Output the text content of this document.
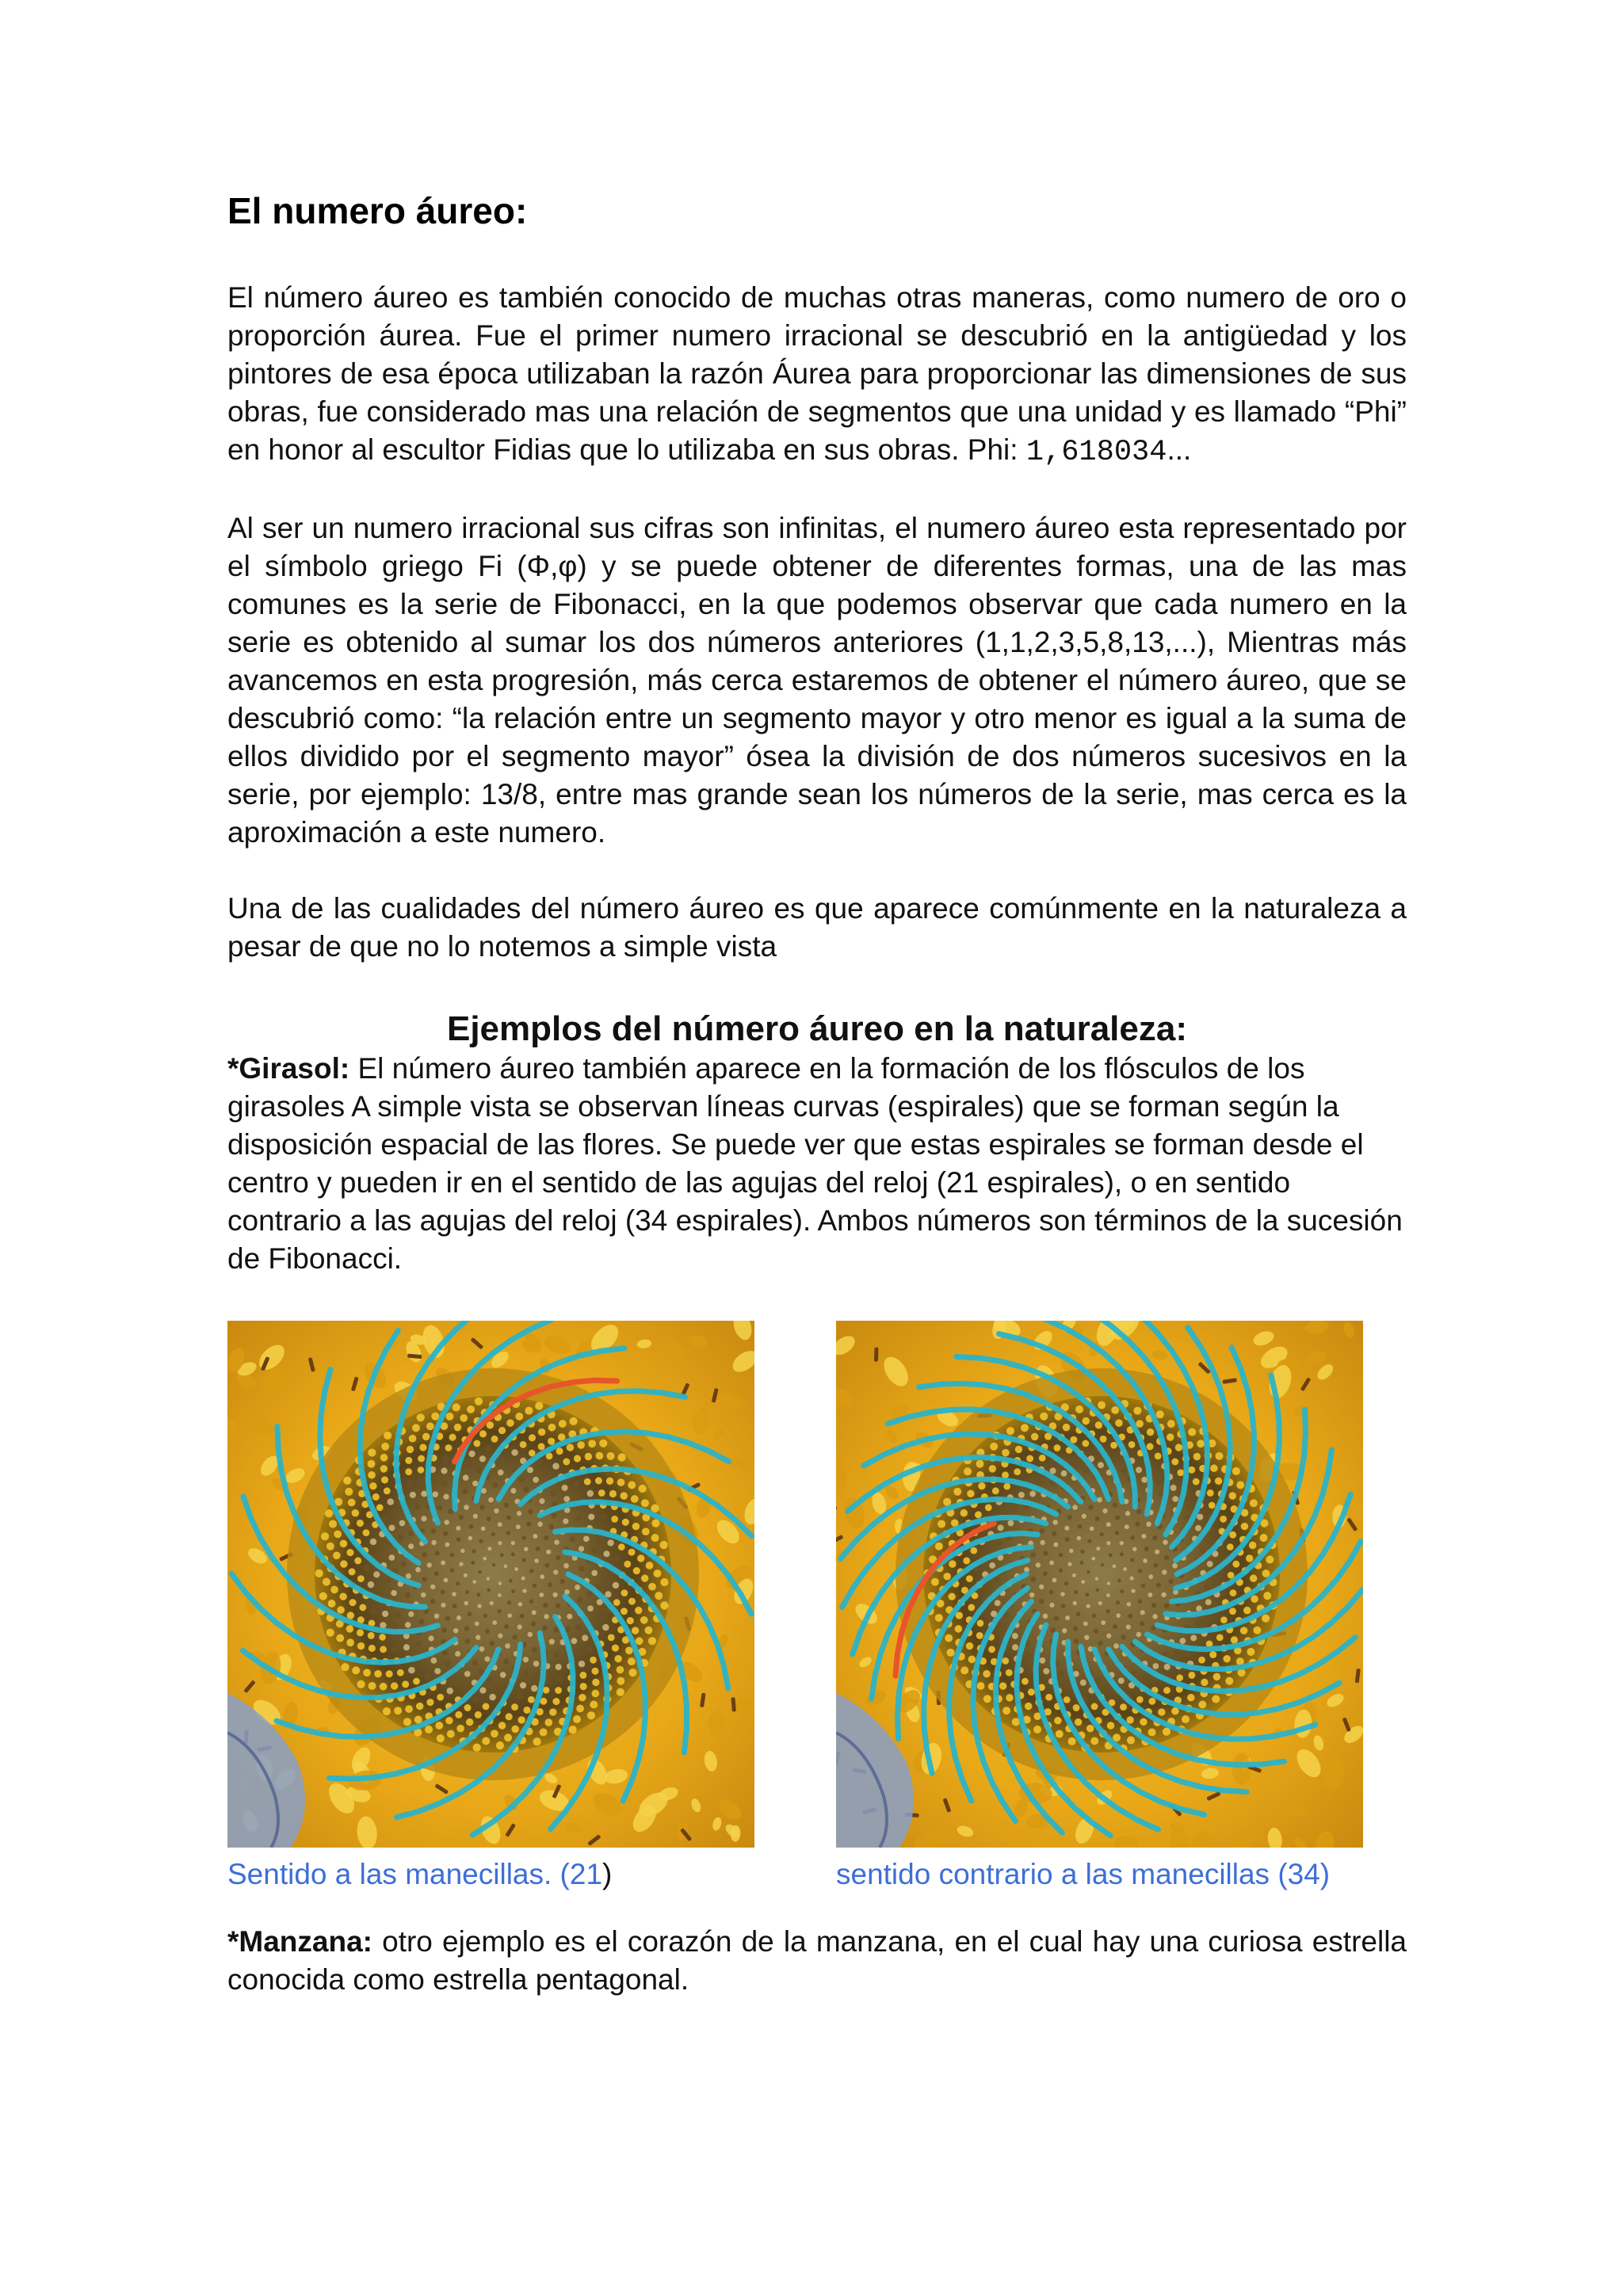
El numero áureo:

El número áureo es también conocido de muchas otras maneras, como numero de oro o proporción áurea. Fue el primer numero irracional se descubrió en la antigüedad y los pintores de esa época utilizaban la razón Áurea para proporcionar las dimensiones de sus obras, fue considerado mas una relación de segmentos que una unidad y es llamado “Phi” en honor al escultor Fidias que lo utilizaba en sus obras. Phi: 1,618034...

Al ser un numero irracional sus cifras son infinitas, el numero áureo esta representado por el símbolo griego Fi (Φ,φ) y se puede obtener de diferentes formas, una de las mas comunes es la serie de Fibonacci, en la que podemos observar que cada numero en la serie es obtenido al sumar los dos números anteriores (1,1,2,3,5,8,13,...), Mientras más avancemos en esta progresión, más cerca estaremos de obtener el número áureo, que se descubrió como: “la relación entre un segmento mayor y otro menor es igual a la suma de ellos dividido por el segmento mayor” ósea la división de dos números sucesivos en la serie, por ejemplo: 13/8, entre mas grande sean los números de la serie, mas cerca es la aproximación a este numero.

Una de las cualidades del número áureo es que aparece comúnmente en la naturaleza a pesar de que no lo notemos a simple vista

Ejemplos del número áureo en la naturaleza:

*Girasol: El número áureo también aparece en la formación de los flósculos de los girasoles A simple vista se observan líneas curvas (espirales) que se forman según la disposición espacial de las flores. Se puede ver que estas espirales se forman desde el centro y pueden ir en el sentido de las agujas del reloj (21 espirales), o en sentido contrario a las agujas del reloj (34 espirales). Ambos números son términos de la sucesión de Fibonacci.

Sentido a las manecillas. (21)	sentido contrario a las manecillas (34)

*Manzana: otro ejemplo es el corazón de la manzana, en el cual hay una curiosa estrella conocida como estrella pentagonal.
